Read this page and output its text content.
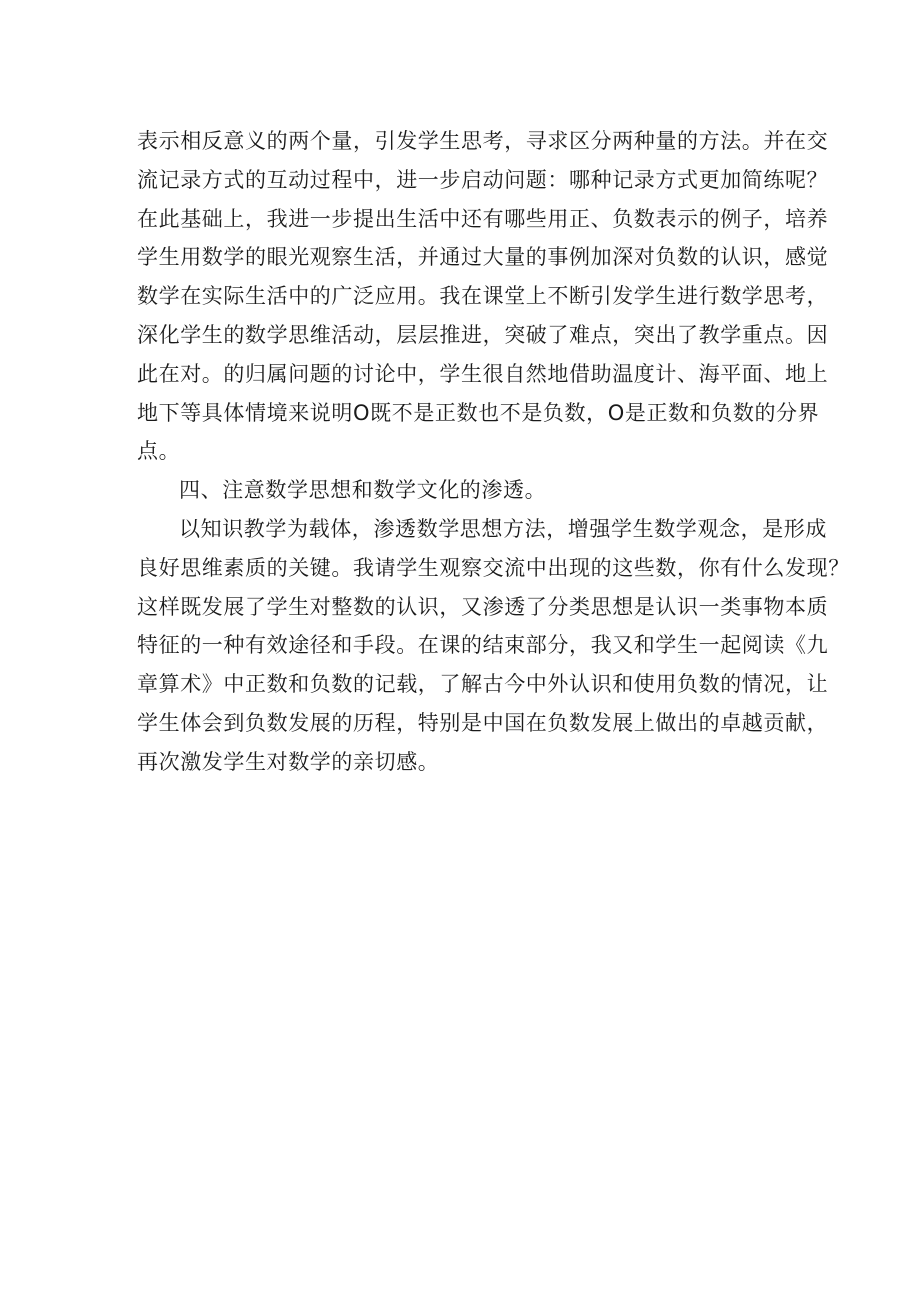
表示相反意义的两个量，引发学生思考，寻求区分两种量的方法。并在交
流记录方式的互动过程中，进一步启动问题：哪种记录方式更加简练呢？
在此基础上，我进一步提出生活中还有哪些用正、负数表示的例子，培养
学生用数学的眼光观察生活，并通过大量的事例加深对负数的认识，感觉
数学在实际生活中的广泛应用。我在课堂上不断引发学生进行数学思考，
深化学生的数学思维活动，层层推进，突破了难点，突出了教学重点。因
此在对。的归属问题的讨论中，学生很自然地借助温度计、海平面、地上
地下等具体情境来说明O既不是正数也不是负数，O是正数和负数的分界
点。
四、注意数学思想和数学文化的渗透。
以知识教学为载体，渗透数学思想方法，增强学生数学观念，是形成
良好思维素质的关键。我请学生观察交流中出现的这些数，你有什么发现？
这样既发展了学生对整数的认识，又渗透了分类思想是认识一类事物本质
特征的一种有效途径和手段。在课的结束部分，我又和学生一起阅读《九
章算术》中正数和负数的记载，了解古今中外认识和使用负数的情况，让
学生体会到负数发展的历程，特别是中国在负数发展上做出的卓越贡献，
再次激发学生对数学的亲切感。
